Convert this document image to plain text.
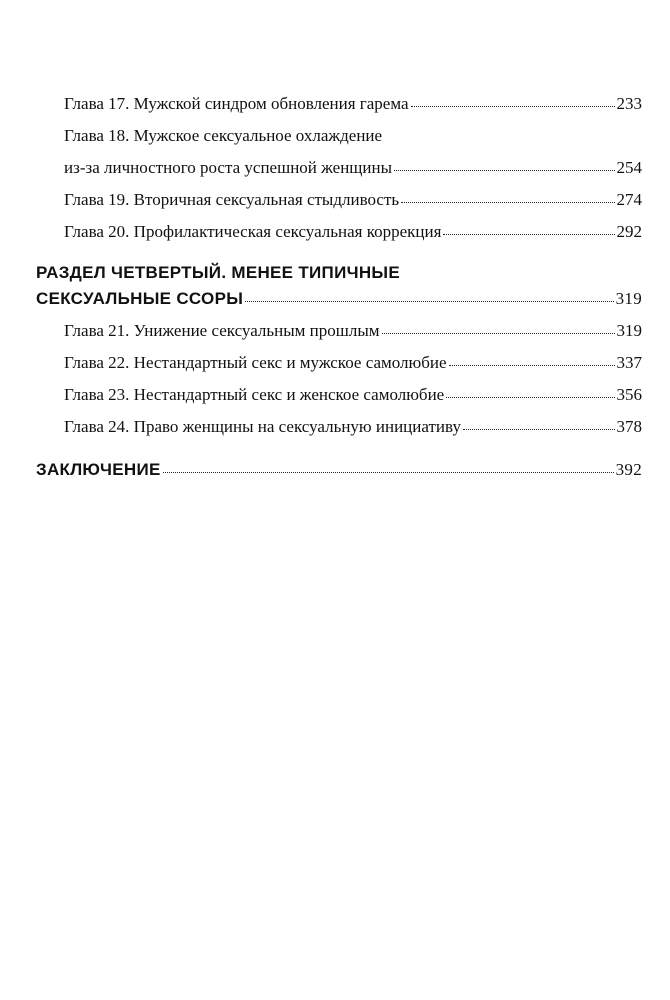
Глава 17. Мужской синдром обновления гарема	233
Глава 18. Мужское сексуальное охлаждение
из-за личностного роста успешной женщины	254
Глава 19. Вторичная сексуальная стыдливость	274
Глава 20. Профилактическая сексуальная коррекция	292
РАЗДЕЛ ЧЕТВЕРТЫЙ. МЕНЕЕ ТИПИЧНЫЕ
СЕКСУАЛЬНЫЕ ССОРЫ	319
Глава 21. Унижение сексуальным прошлым	319
Глава 22. Нестандартный секс и мужское самолюбие	337
Глава 23. Нестандартный секс и женское самолюбие	356
Глава 24. Право женщины на сексуальную инициативу	378
ЗАКЛЮЧЕНИЕ	392
